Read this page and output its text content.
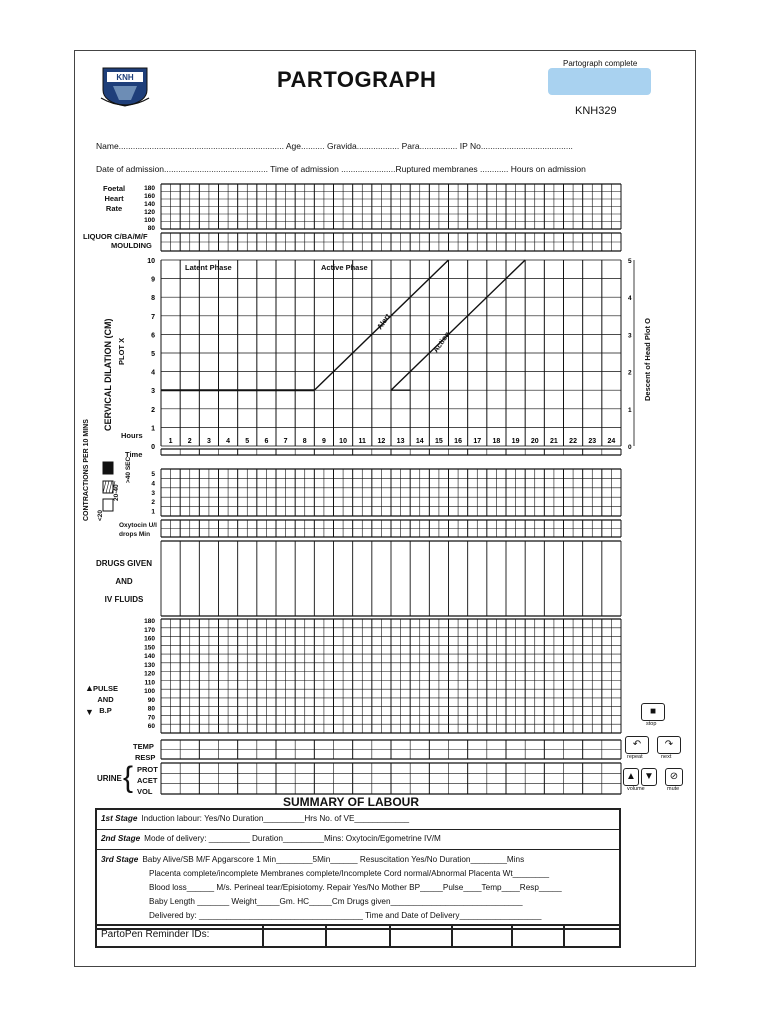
KNH	PARTOGRAPH
Partograph complete
KNH329
Name...................................................................... Age.......... Gravida.................. Para................ IP No.......................................
Date of admission............................................ Time of admission .......................Ruptured membranes ............ Hours on admission
180
160
140
120
100
80
10
9
8
7
6
5
4
3
2
1
0
5
4
3
2
1
0
1 2 3 4 5 6 7 8 9 10 11 12 13 14 15 16 17 18 19 20 21 22 23 24
5
4
3
2
1
180
170
160
150
140
130
120
110
100
90
80
70
60
Foetal
Heart
Rate
LIQUOR C/BA/M/F
MOULDING
CERVICAL DILATION (CM) PLOT X
Hours
Time
Descent of Head Plot O
Latent Phase	Active Phase
Alert
Action
CONTRACTIONS PER 10 MINS <20
20-40
>40 SEC
Oxytocin U/l
drops Min
DRUGS GIVEN
AND
IV FLUIDS
PULSE
AND
B.P
▲
▼
TEMP
RESP
URINE { PROT
ACET
VOL
■
stop
↶	↷
repeat	next
▲ ▼	⊘
volume	mute
SUMMARY OF LABOUR
1st Stage Induction labour: Yes/No Duration_________Hrs No. of VE____________
2nd Stage Mode of delivery: _________ Duration_________Mins: Oxytocin/Egometrine IV/M
3rd Stage Baby Alive/SB M/F Apgarscore 1 Min________5Min______ Resuscitation Yes/No Duration________Mins
Placenta complete/incomplete Membranes complete/Incomplete Cord normal/Abnormal Placenta Wt________
Blood loss______ M/s. Perineal tear/Episiotomy. Repair Yes/No Mother BP_____Pulse____Temp____Resp_____
Baby Length _______ Weight_____Gm. HC_____Cm Drugs given_____________________________
Delivered by: ____________________________________ Time and Date of Delivery__________________
PartoPen Reminder IDs:
